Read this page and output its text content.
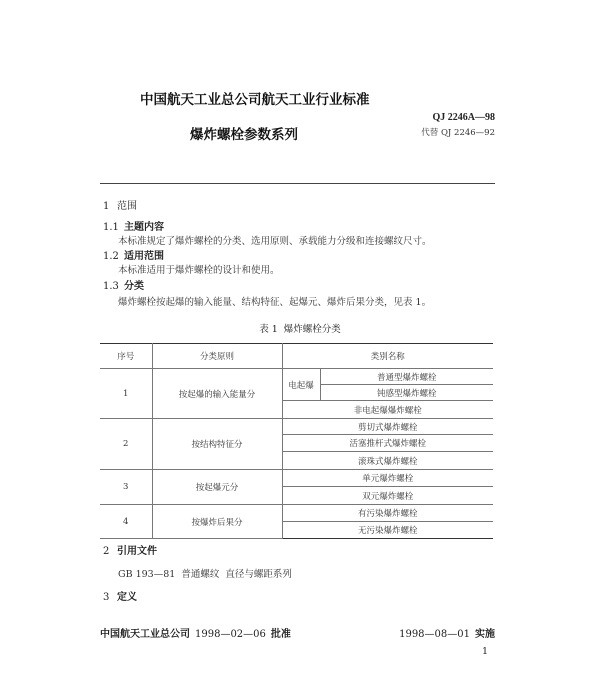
中国航天工业总公司航天工业行业标准
QJ 2246A—98
爆炸螺栓参数系列	代替 QJ 2246—92
1 范围
1.1 主题内容
本标准规定了爆炸螺栓的分类、选用原则、承载能力分级和连接螺纹尺寸。
1.2 适用范围
本标准适用于爆炸螺栓的设计和使用。
1.3 分类
爆炸螺栓按起爆的输入能量、结构特征、起爆元、爆炸后果分类，见表 1。
表 1  爆炸螺栓分类
序号	分类原则	类别名称	
1	按起爆的输入能量分	电起爆	普通型爆炸螺栓
			钝感型爆炸螺栓
		非电起爆爆炸螺栓	
2	按结构特征分	剪切式爆炸螺栓	
		活塞推杆式爆炸螺栓	
		滚珠式爆炸螺栓	
3	按起爆元分	单元爆炸螺栓	
		双元爆炸螺栓	
4	按爆炸后果分	有污染爆炸螺栓	
		无污染爆炸螺栓	
2 引用文件
GB 193—81  普通螺纹  直径与螺距系列
3 定义
中国航天工业总公司 1998—02—06 批准	1998—08—01 实施
1
